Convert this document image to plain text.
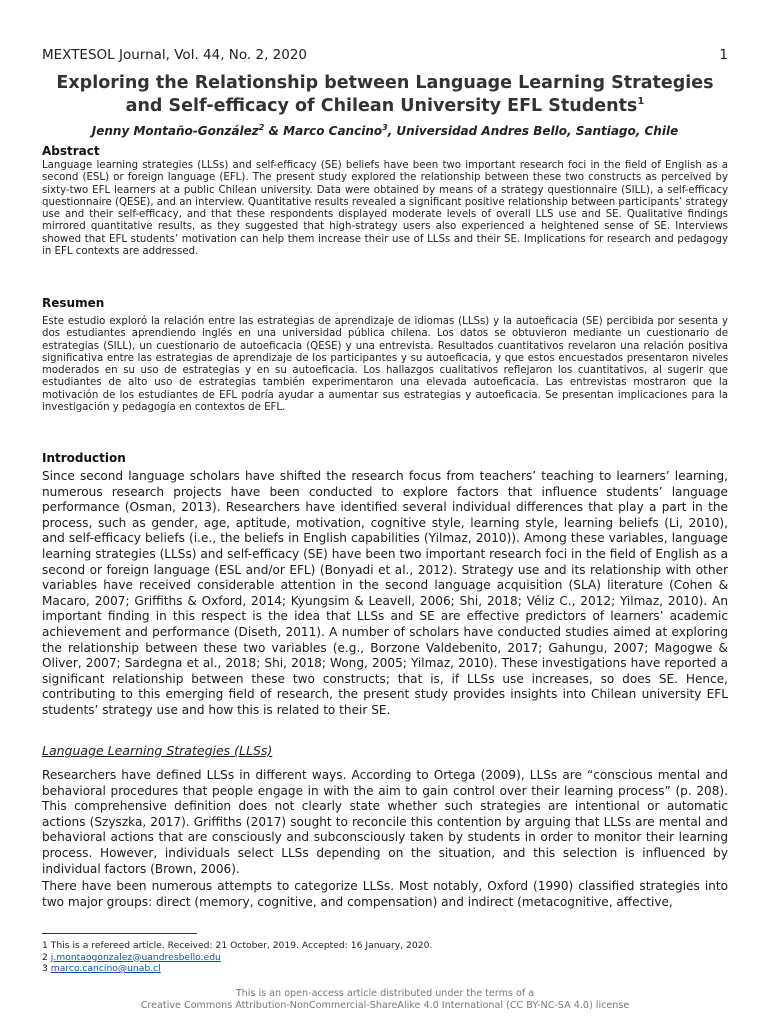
MEXTESOL Journal, Vol. 44, No. 2, 2020	1
Exploring the Relationship between Language Learning Strategies
and Self-efficacy of Chilean University EFL Students$^1$
Jenny Montaño-González$^2$ & Marco Cancino$^3$, Universidad Andres Bello, Santiago, Chile
Abstract
Language learning strategies (LLSs) and self-efficacy (SE) beliefs have been two important research foci in the field of English as a second (ESL) or foreign language (EFL). The present study explored the relationship between these two constructs as perceived by sixty-two EFL learners at a public Chilean university. Data were obtained by means of a strategy questionnaire (SILL), a self-efficacy questionnaire (QESE), and an interview. Quantitative results revealed a significant positive relationship between participants’ strategy use and their self-efficacy, and that these respondents displayed moderate levels of overall LLS use and SE. Qualitative findings mirrored quantitative results, as they suggested that high-strategy users also experienced a heightened sense of SE. Interviews showed that EFL students’ motivation can help them increase their use of LLSs and their SE. Implications for research and pedagogy in EFL contexts are addressed.
Resumen
Este estudio exploró la relación entre las estrategias de aprendizaje de idiomas (LLSs) y la autoeficacia (SE) percibida por sesenta y dos estudiantes aprendiendo inglés en una universidad pública chilena. Los datos se obtuvieron mediante un cuestionario de estrategias (SILL), un cuestionario de autoeficacia (QESE) y una entrevista. Resultados cuantitativos revelaron una relación positiva significativa entre las estrategias de aprendizaje de los participantes y su autoeficacia, y que estos encuestados presentaron niveles moderados en su uso de estrategias y en su autoeficacia. Los hallazgos cualitativos reflejaron los cuantitativos, al sugerir que estudiantes de alto uso de estrategias también experimentaron una elevada autoeficacia. Las entrevistas mostraron que la motivación de los estudiantes de EFL podría ayudar a aumentar sus estrategias y autoeficacia. Se presentan implicaciones para la investigación y pedagogía en contextos de EFL.
Introduction
Since second language scholars have shifted the research focus from teachers’ teaching to learners’ learning, numerous research projects have been conducted to explore factors that influence students’ language performance (Osman, 2013). Researchers have identified several individual differences that play a part in the process, such as gender, age, aptitude, motivation, cognitive style, learning style, learning beliefs (Li, 2010), and self-efficacy beliefs (i.e., the beliefs in English capabilities (Yilmaz, 2010)). Among these variables, language learning strategies (LLSs) and self-efficacy (SE) have been two important research foci in the field of English as a second or foreign language (ESL and/or EFL) (Bonyadi et al., 2012). Strategy use and its relationship with other variables have received considerable attention in the second language acquisition (SLA) literature (Cohen & Macaro, 2007; Griffiths & Oxford, 2014; Kyungsim & Leavell, 2006; Shi, 2018; Véliz C., 2012; Yilmaz, 2010). An important finding in this respect is the idea that LLSs and SE are effective predictors of learners’ academic achievement and performance (Diseth, 2011). A number of scholars have conducted studies aimed at exploring the relationship between these two variables (e.g., Borzone Valdebenito, 2017; Gahungu, 2007; Magogwe & Oliver, 2007; Sardegna et al., 2018; Shi, 2018; Wong, 2005; Yilmaz, 2010). These investigations have reported a significant relationship between these two constructs; that is, if LLSs use increases, so does SE. Hence, contributing to this emerging field of research, the present study provides insights into Chilean university EFL students’ strategy use and how this is related to their SE.
Language Learning Strategies (LLSs)
Researchers have defined LLSs in different ways. According to Ortega (2009), LLSs are “conscious mental and behavioral procedures that people engage in with the aim to gain control over their learning process” (p. 208). This comprehensive definition does not clearly state whether such strategies are intentional or automatic actions (Szyszka, 2017). Griffiths (2017) sought to reconcile this contention by arguing that LLSs are mental and behavioral actions that are consciously and subconsciously taken by students in order to monitor their learning process. However, individuals select LLSs depending on the situation, and this selection is influenced by individual factors (Brown, 2006).
There have been numerous attempts to categorize LLSs. Most notably, Oxford (1990) classified strategies into two major groups: direct (memory, cognitive, and compensation) and indirect (metacognitive, affective,
1 This is a refereed article. Received: 21 October, 2019. Accepted: 16 January, 2020.
2 j.montaogonzalez@uandresbello.edu
3 marco.cancino@unab.cl
This is an open-access article distributed under the terms of a
Creative Commons Attribution-NonCommercial-ShareAlike 4.0 International (CC BY-NC-SA 4.0) license
